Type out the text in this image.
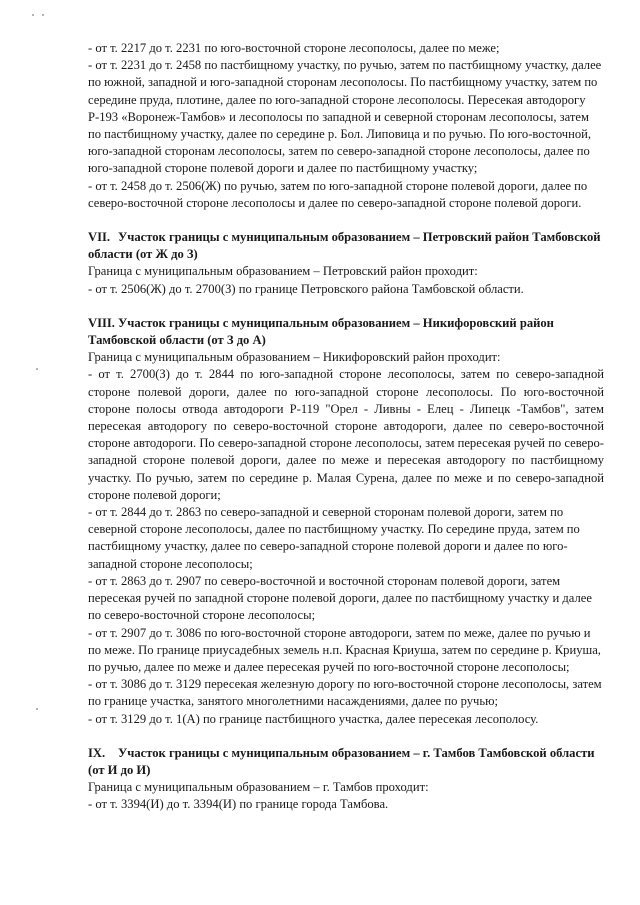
- от т. 2217 до т. 2231 по юго-восточной стороне лесополосы, далее по меже;

- от т. 2231 до т. 2458 по пастбищному участку, по ручью, затем по пастбищному участку, далее по южной, западной и юго-западной сторонам лесополосы. По пастбищному участку, затем по середине пруда, плотине, далее по юго-западной стороне лесополосы. Пересекая автодорогу Р-193 «Воронеж-Тамбов» и лесополосы по западной и северной сторонам лесополосы, затем по пастбищному участку, далее по середине р. Бол. Липовица и по ручью. По юго-восточной, юго-западной сторонам лесополосы, затем по северо-западной стороне лесополосы, далее по юго-западной стороне полевой дороги и далее по пастбищному участку;

- от т. 2458 до т. 2506(Ж) по ручью, затем по юго-западной стороне полевой дороги, далее по северо-восточной стороне лесополосы и далее по северо-западной стороне полевой дороги.

VII. Участок границы с муниципальным образованием – Петровский район Тамбовской области (от Ж до З)

Граница с муниципальным образованием – Петровский район проходит:

- от т. 2506(Ж) до т. 2700(З) по границе Петровского района Тамбовской области.

VIII. Участок границы с муниципальным образованием – Никифоровский район Тамбовской области (от З до А)

Граница с муниципальным образованием – Никифоровский район проходит:

- от т. 2700(З) до т. 2844 по юго-западной стороне лесополосы, затем по северо-западной стороне полевой дороги, далее по юго-западной стороне лесополосы. По юго-восточной стороне полосы отвода автодороги Р-119 "Орел - Ливны - Елец - Липецк -Тамбов", затем пересекая автодорогу по северо-восточной стороне автодороги, далее по северо-восточной стороне автодороги. По северо-западной стороне лесополосы, затем пересекая ручей по северо-западной стороне полевой дороги, далее по меже и пересекая автодорогу по пастбищному участку. По ручью, затем по середине р. Малая Сурена, далее по меже и по северо-западной стороне полевой дороги;

- от т. 2844 до т. 2863 по северо-западной и северной сторонам полевой дороги, затем по северной стороне лесополосы, далее по пастбищному участку. По середине пруда, затем по пастбищному участку, далее по северо-западной стороне полевой дороги и далее по юго-западной стороне лесополосы;

- от т. 2863 до т. 2907 по северо-восточной и восточной сторонам полевой дороги, затем пересекая ручей по западной стороне полевой дороги, далее по пастбищному участку и далее по северо-восточной стороне лесополосы;

- от т. 2907 до т. 3086 по юго-восточной стороне автодороги, затем по меже, далее по ручью и по меже. По границе приусадебных земель н.п. Красная Криуша, затем по середине р. Криуша, по ручью, далее по меже и далее пересекая ручей по юго-восточной стороне лесополосы;

- от т. 3086 до т. 3129 пересекая железную дорогу по юго-восточной стороне лесополосы, затем по границе участка, занятого многолетними насаждениями, далее по ручью;

- от т. 3129 до т. 1(А) по границе пастбищного участка, далее пересекая лесополосу.

IX. Участок границы с муниципальным образованием – г. Тамбов Тамбовской области (от И до И)

Граница с муниципальным образованием – г. Тамбов проходит:

- от т. 3394(И) до т. 3394(И) по границе города Тамбова.
